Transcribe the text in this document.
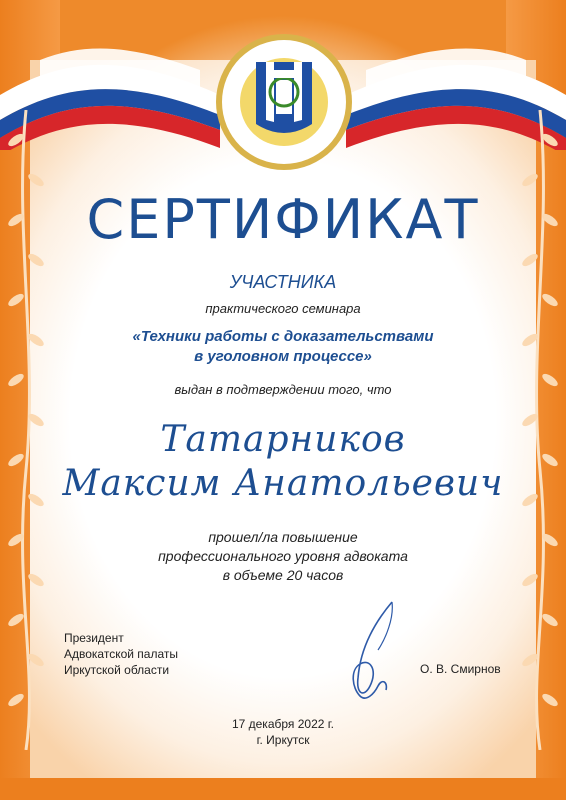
СЕРТИФИКАТ
УЧАСТНИКА
практического семинара
«Техники работы с доказательствами
в уголовном процессе»
выдан в подтверждении того, что
Татарников
Максим Анатольевич
прошел/ла повышение
профессионального уровня адвоката
в объеме 20 часов
Президент
Адвокатской палаты
Иркутской области	О. В. Смирнов
17 декабря 2022 г.
г. Иркутск
